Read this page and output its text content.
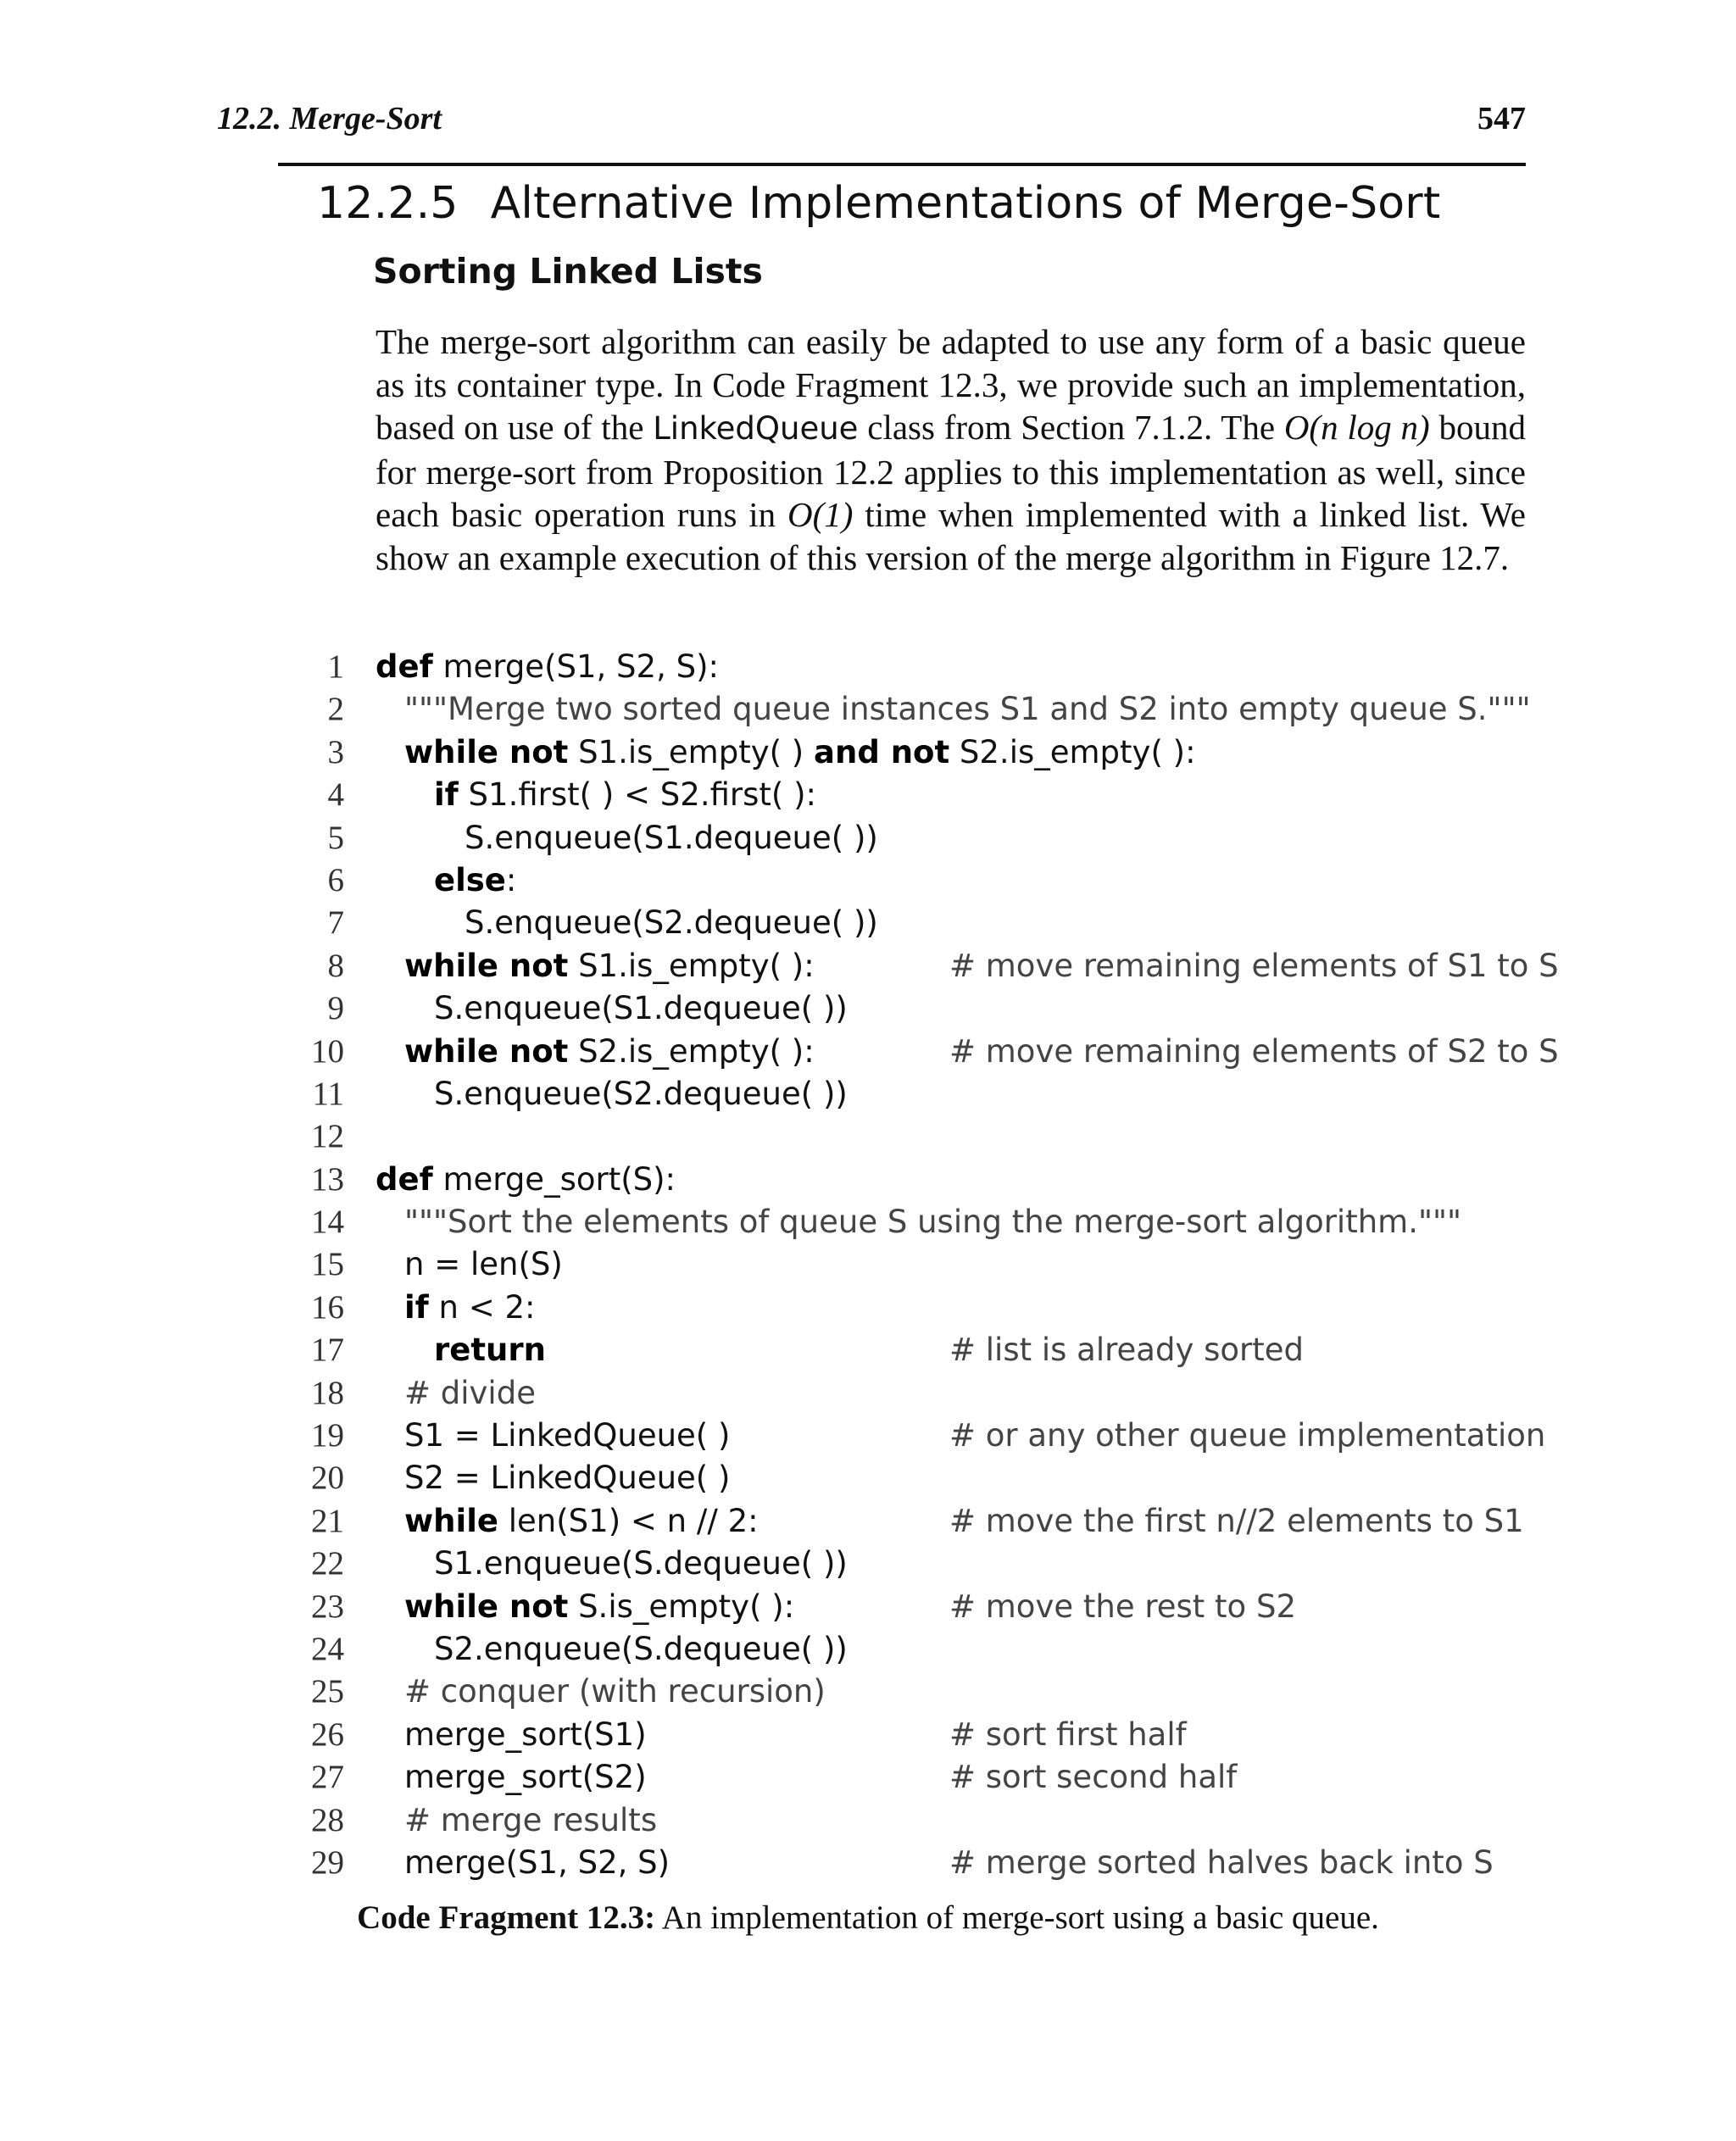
12.2. Merge-Sort	547
12.2.5 Alternative Implementations of Merge-Sort
Sorting Linked Lists
The merge-sort algorithm can easily be adapted to use any form of a basic queue
as its container type. In Code Fragment 12.3, we provide such an implementation,
based on use of the LinkedQueue class from Section 7.1.2. The O(n log n) bound
for merge-sort from Proposition 12.2 applies to this implementation as well, since
each basic operation runs in O(1) time when implemented with a linked list. We
show an example execution of this version of the merge algorithm in Figure 12.7.
1 def merge(S1, S2, S):
2 """Merge two sorted queue instances S1 and S2 into empty queue S."""
3 while not S1.is_empty( ) and not S2.is_empty( ):
4	if S1.first( ) < S2.first( ):
5	S.enqueue(S1.dequeue( ))
6	else:
7	S.enqueue(S2.dequeue( ))
8 while not S1.is_empty( ):	# move remaining elements of S1 to S
9	S.enqueue(S1.dequeue( ))
10 while not S2.is_empty( ):	# move remaining elements of S2 to S
11	S.enqueue(S2.dequeue( ))
12
13 def merge_sort(S):
14 """Sort the elements of queue S using the merge-sort algorithm."""
15 n = len(S)
16 if n < 2:
17	return	# list is already sorted
18 # divide
19 S1 = LinkedQueue( )	# or any other queue implementation
20 S2 = LinkedQueue( )
21 while len(S1) < n // 2:	# move the first n//2 elements to S1
22	S1.enqueue(S.dequeue( ))
23 while not S.is_empty( ):	# move the rest to S2
24	S2.enqueue(S.dequeue( ))
25 # conquer (with recursion)
26 merge_sort(S1)	# sort first half
27 merge_sort(S2)	# sort second half
28 # merge results
29 merge(S1, S2, S)	# merge sorted halves back into S
Code Fragment 12.3: An implementation of merge-sort using a basic queue.
